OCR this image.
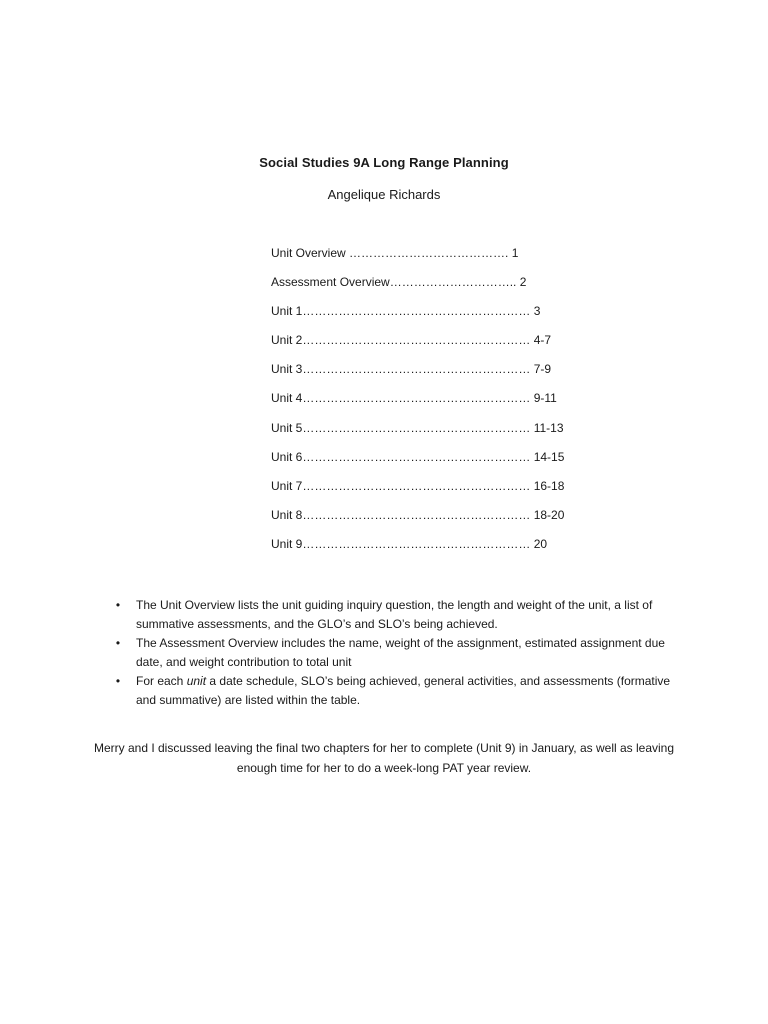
Social Studies 9A Long Range Planning
Angelique Richards
Unit Overview …………………………………. 1
Assessment Overview………………………….. 2
Unit 1………………………………………………… 3
Unit 2………………………………………………… 4-7
Unit 3………………………………………………… 7-9
Unit 4………………………………………………… 9-11
Unit 5………………………………………………… 11-13
Unit 6………………………………………………… 14-15
Unit 7………………………………………………… 16-18
Unit 8………………………………………………… 18-20
Unit 9………………………………………………… 20
• The Unit Overview lists the unit guiding inquiry question, the length and weight of the unit, a list of summative assessments, and the GLO’s and SLO’s being achieved.
• The Assessment Overview includes the name, weight of the assignment, estimated assignment due date, and weight contribution to total unit
• For each unit a date schedule, SLO’s being achieved, general activities, and assessments (formative and summative) are listed within the table.
Merry and I discussed leaving the final two chapters for her to complete (Unit 9) in January, as well as leaving enough time for her to do a week-long PAT year review.
